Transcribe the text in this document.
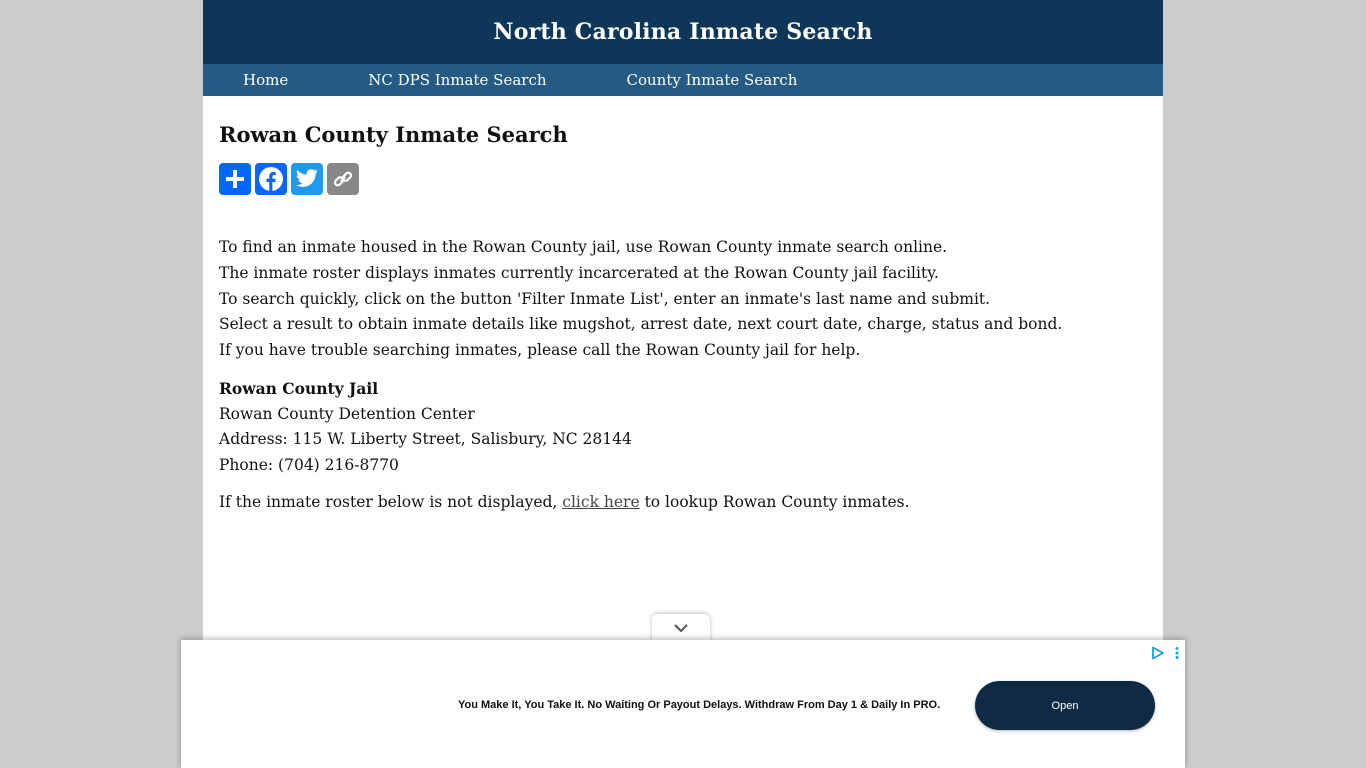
North Carolina Inmate Search
Home	NC DPS Inmate Search	County Inmate Search
Rowan County Inmate Search

To find an inmate housed in the Rowan County jail, use Rowan County inmate search online.

The inmate roster displays inmates currently incarcerated at the Rowan County jail facility.

To search quickly, click on the button 'Filter Inmate List', enter an inmate's last name and submit.

Select a result to obtain inmate details like mugshot, arrest date, next court date, charge, status and bond.

If you have trouble searching inmates, please call the Rowan County jail for help.

Rowan County Jail
Rowan County Detention Center
Address: 115 W. Liberty Street, Salisbury, NC 28144
Phone: (704) 216-8770
If the inmate roster below is not displayed, click here to lookup Rowan County inmates.
You Make It, You Take It. No Waiting Or Payout Delays. Withdraw From Day 1 & Daily In PRO.	Open
